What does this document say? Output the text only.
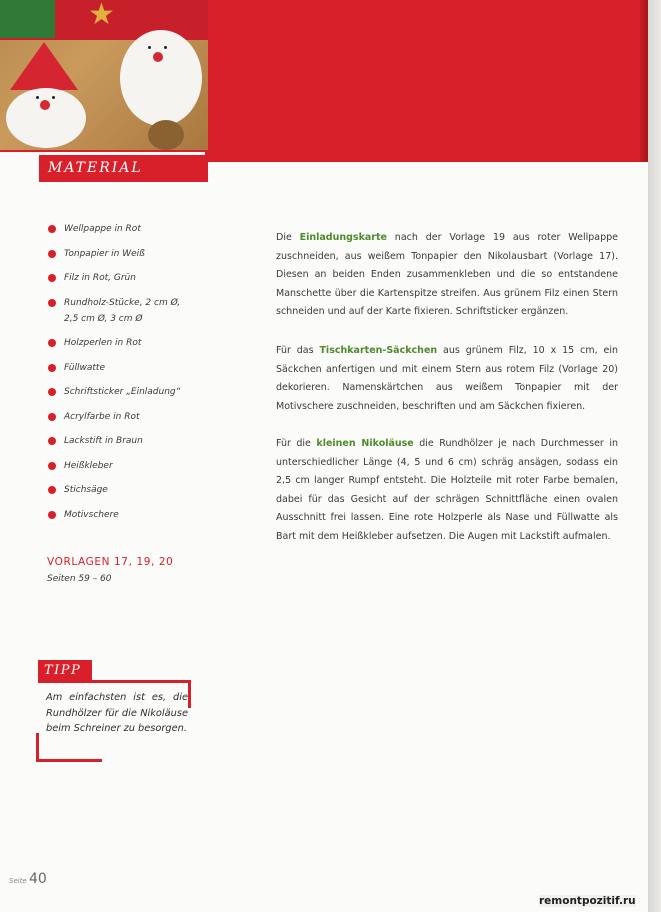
★
MATERIAL
Wellpappe in Rot
Tonpapier in Weiß
Filz in Rot, Grün
Rundholz-Stücke, 2 cm Ø,
2,5 cm Ø, 3 cm Ø
Holzperlen in Rot
Füllwatte
Schriftsticker „Einladung“
Acrylfarbe in Rot
Lackstift in Braun
Heißkleber
Stichsäge
Motivschere
VORLAGEN 17, 19, 20
Seiten 59 – 60
TIPP
Am einfachsten ist es, die Rundhölzer für die Nikoläuse beim Schreiner zu besorgen.

Die Einladungskarte nach der Vorlage 19 aus roter Wellpappe zuschneiden, aus weißem Tonpapier den Nikolausbart (Vorlage 17). Diesen an beiden Enden zusammenkleben und die so entstandene Manschette über die Kartenspitze streifen. Aus grünem Filz einen Stern schneiden und auf der Karte fixieren. Schriftsticker ergänzen.

Für das Tischkarten-Säckchen aus grünem Filz, 10 x 15 cm, ein Säckchen anfertigen und mit einem Stern aus rotem Filz (Vorlage 20) dekorieren. Namenskärtchen aus weißem Tonpapier mit der Motivschere zuschneiden, beschriften und am Säckchen fixieren.

Für die kleinen Nikoläuse die Rundhölzer je nach Durchmesser in unterschiedlicher Länge (4, 5 und 6 cm) schräg ansägen, sodass ein 2,5 cm langer Rumpf entsteht. Die Holzteile mit roter Farbe bemalen, dabei für das Gesicht auf der schrägen Schnittfläche einen ovalen Ausschnitt frei lassen. Eine rote Holzperle als Nase und Füllwatte als Bart mit dem Heißkleber aufsetzen. Die Augen mit Lackstift aufmalen.

Seite 40
remontpozitif.ru
